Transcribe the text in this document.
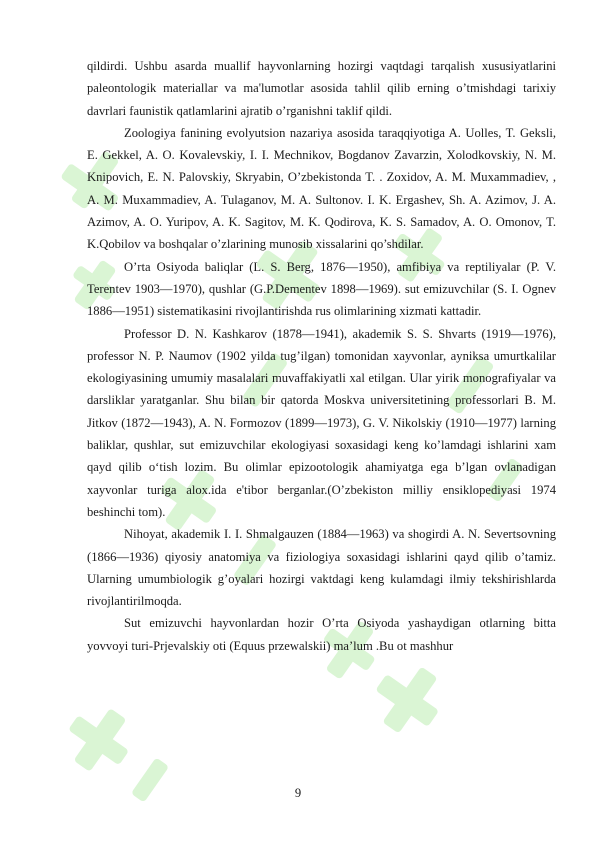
qildirdi. Ushbu asarda muallif hayvonlarning hozirgi vaqtdagi tarqalish xususiyatlarini paleontologik materiallar va ma'lumotlar asosida tahlil qilib erning o’tmishdagi tarixiy davrlari faunistik qatlamlarini ajratib o’rganishni taklif qildi.

Zoologiya fanining evolyutsion nazariya asosida taraqqiyotiga A. Uolles, T. Geksli, E. Gekkel, A. O. Kovalevskiy, I. I. Mechnikov, Bogdanov Zavarzin, Xolodkovskiy, N. M. Knipovich, E. N. Palovskiy, Skryabin, O’zbekistonda T. . Zoxidov, A. M. Muxammadiev, , A. M. Muxammadiev, A. Tulaganov, M. A. Sultonov. I. K. Ergashev, Sh. A. Azimov, J. A. Azimov, A. O. Yuripov, A. K. Sagitov, M. K. Qodirova, K. S. Samadov, A. O. Omonov, T. K.Qobilov va boshqalar o’zlarining munosib xissalarini qo’shdilar.

O’rta Osiyoda baliqlar (L. S. Berg, 1876—1950), amfibiya va reptiliyalar (P. V. Terentev 1903—1970), qushlar (G.P.Dementev 1898—1969). sut emizuvchilar (S. I. Ognev 1886—1951) sistematikasini rivojlantirishda rus olimlarining xizmati kattadir.

Professor D. N. Kashkarov (1878—1941), akademik S. S. Shvarts (1919—1976), professor N. P. Naumov (1902 yilda tug’ilgan) tomonidan xayvonlar, ayniksa umurtkalilar ekologiyasining umumiy masalalari muvaffakiyatli xal etilgan. Ular yirik monografiyalar va darsliklar yaratganlar. Shu bilan bir qatorda Moskva universitetining professorlari B. M. Jitkov (1872—1943), A. N. Formozov (1899—1973), G. V. Nikolskiy (1910—1977) larning baliklar, qushlar, sut emizuvchilar ekologiyasi soxasidagi keng ko’lamdagi ishlarini xam qayd qilib o‘tish lozim. Bu olimlar epizootologik ahamiyatga ega b’lgan ovlanadigan xayvonlar turiga alox.ida e'tibor berganlar.(O’zbekiston milliy ensiklopediyasi 1974 beshinchi tom).

Nihoyat, akademik I. I. Shmalgauzen (1884—1963) va shogirdi A. N. Severtsovning (1866—1936) qiyosiy anatomiya va fiziologiya soxasidagi ishlarini qayd qilib o’tamiz. Ularning umumbiologik g’oyalari hozirgi vaktdagi keng kulamdagi ilmiy tekshirishlarda rivojlantirilmoqda.

Sut emizuvchi hayvonlardan hozir O’rta Osiyoda yashaydigan otlarning bitta yovvoyi turi-Prjevalskiy oti (Equus przewalskii) ma’lum .Bu ot mashhur

9
